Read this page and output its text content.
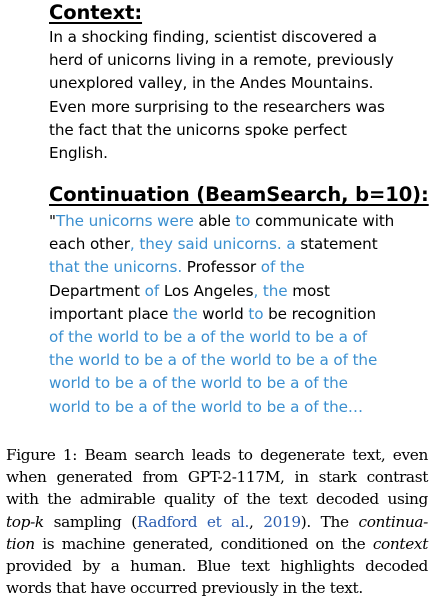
Context:

In a shocking finding, scientist discovered a
herd of unicorns living in a remote, previously
unexplored valley, in the Andes Mountains.
Even more surprising to the researchers was
the fact that the unicorns spoke perfect
English.

Continuation (BeamSearch, b=10):

"The unicorns were able to communicate with
each other, they said unicorns. a statement
that the unicorns. Professor of the
Department of Los Angeles, the most
important place the world to be recognition
of the world to be a of the world to be a of
the world to be a of the world to be a of the
world to be a of the world to be a of the
world to be a of the world to be a of the…

Figure 1: Beam search leads to degenerate text, even
when generated from GPT-2-117M, in stark contrast
with the admirable quality of the text decoded using
top-k sampling (Radford et al., 2019). The continua-
tion is machine generated, conditioned on the context
provided by a human. Blue text highlights decoded
words that have occurred previously in the text.
